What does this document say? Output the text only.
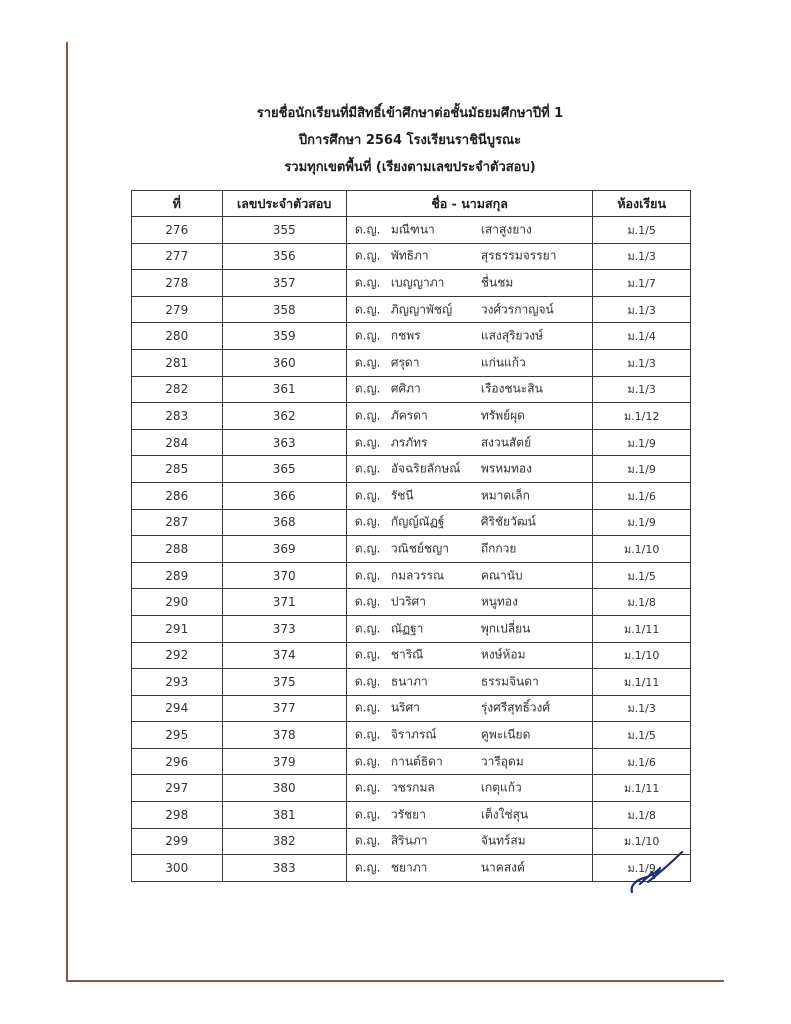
รายชื่อนักเรียนที่มีสิทธิ์เข้าศึกษาต่อชั้นมัธยมศึกษาปีที่ 1
ปีการศึกษา 2564 โรงเรียนราชินีบูรณะ
รวมทุกเขตพื้นที่ (เรียงตามเลขประจำตัวสอบ)
ที่	เลขประจำตัวสอบ	ชื่อ - นามสกุล	ห้องเรียน
276	355	ด.ญ. มณีฑนา เสาสูงยาง	ม.1/5
277	356	ด.ญ. พัทธิภา สุรธรรมจรรยา	ม.1/3
278	357	ด.ญ. เบญญาภา ชื่นชม	ม.1/7
279	358	ด.ญ. ภิญญาพัชญ์ วงศ์วรกาญจน์	ม.1/3
280	359	ด.ญ. กชพร แสงสุริยวงษ์	ม.1/4
281	360	ด.ญ. ศรุดา แก่นแก้ว	ม.1/3
282	361	ด.ญ. ศศิภา เรืองชนะสิน	ม.1/3
283	362	ด.ญ. ภัครดา ทรัพย์ผุด	ม.1/12
284	363	ด.ญ. ภรภัทร สงวนสัตย์	ม.1/9
285	365	ด.ญ. อัจฉริยลักษณ์ พรหมทอง	ม.1/9
286	366	ด.ญ. รัชนี หมาดเล็ก	ม.1/6
287	368	ด.ญ. กัญญ์ณัฏฐ์ ศิริชัยวัฒน์	ม.1/9
288	369	ด.ญ. วณิชย์ชญา ถึกกวย	ม.1/10
289	370	ด.ญ. กมลวรรณ คณานับ	ม.1/5
290	371	ด.ญ. ปวริศา หนูทอง	ม.1/8
291	373	ด.ญ. ณัฏฐา พุกเปลี่ยน	ม.1/11
292	374	ด.ญ. ชาริณี หงษ์ห้อม	ม.1/10
293	375	ด.ญ. ธนาภา ธรรมจินดา	ม.1/11
294	377	ด.ญ. นริศา รุ่งศรีสุทธิ์วงศ์	ม.1/3
295	378	ด.ญ. จิราภรณ์ คูพะเนียด	ม.1/5
296	379	ด.ญ. กานต์ธิดา วารีอุดม	ม.1/6
297	380	ด.ญ. วชรกมล เกตุแก้ว	ม.1/11
298	381	ด.ญ. วรัชยา เต็งใช่สุน	ม.1/8
299	382	ด.ญ. สิรินภา จันทร์สม	ม.1/10
300	383	ด.ญ. ชยาภา นาคสงค์	ม.1/9
